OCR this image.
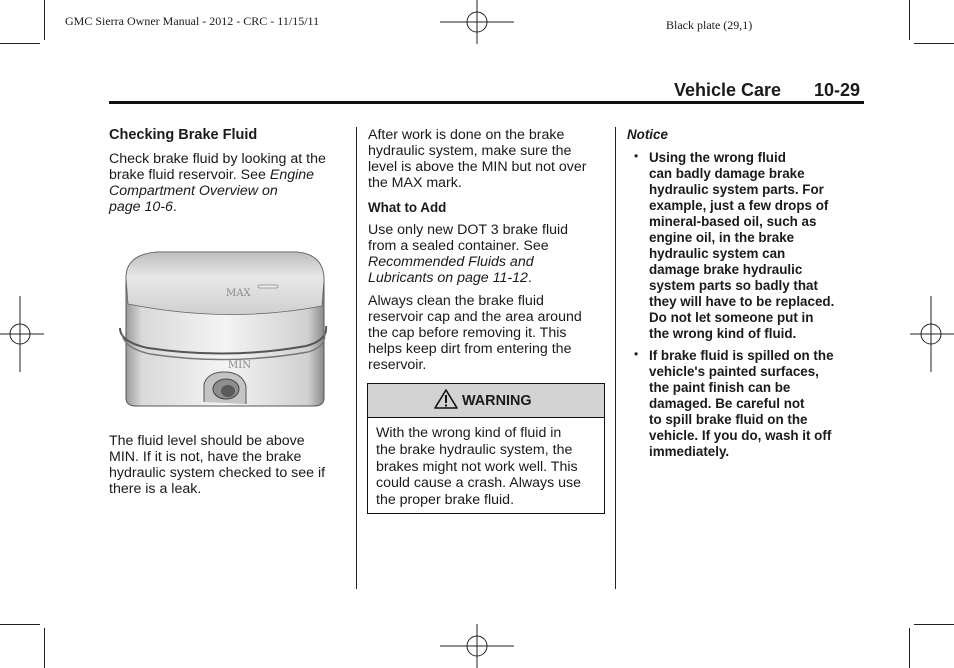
GMC Sierra Owner Manual - 2012 - CRC - 11/15/11	Black plate (29,1)
Vehicle Care 10-29
Checking Brake Fluid
Check brake fluid by looking at the
brake fluid reservoir. See Engine
Compartment Overview on
page 10-6.
MAX
MIN
The fluid level should be above
MIN. If it is not, have the brake
hydraulic system checked to see if
there is a leak.
After work is done on the brake
hydraulic system, make sure the
level is above the MIN but not over
the MAX mark.
What to Add
Use only new DOT 3 brake fluid
from a sealed container. See
Recommended Fluids and
Lubricants on page 11-12.
Always clean the brake fluid
reservoir cap and the area around
the cap before removing it. This
helps keep dirt from entering the
reservoir.
WARNING
With the wrong kind of fluid in
the brake hydraulic system, the
brakes might not work well. This
could cause a crash. Always use
the proper brake fluid.
Notice
• Using the wrong fluid
can badly damage brake
hydraulic system parts. For
example, just a few drops of
mineral-based oil, such as
engine oil, in the brake
hydraulic system can
damage brake hydraulic
system parts so badly that
they will have to be replaced.
Do not let someone put in
the wrong kind of fluid.
• If brake fluid is spilled on the
vehicle's painted surfaces,
the paint finish can be
damaged. Be careful not
to spill brake fluid on the
vehicle. If you do, wash it off
immediately.
